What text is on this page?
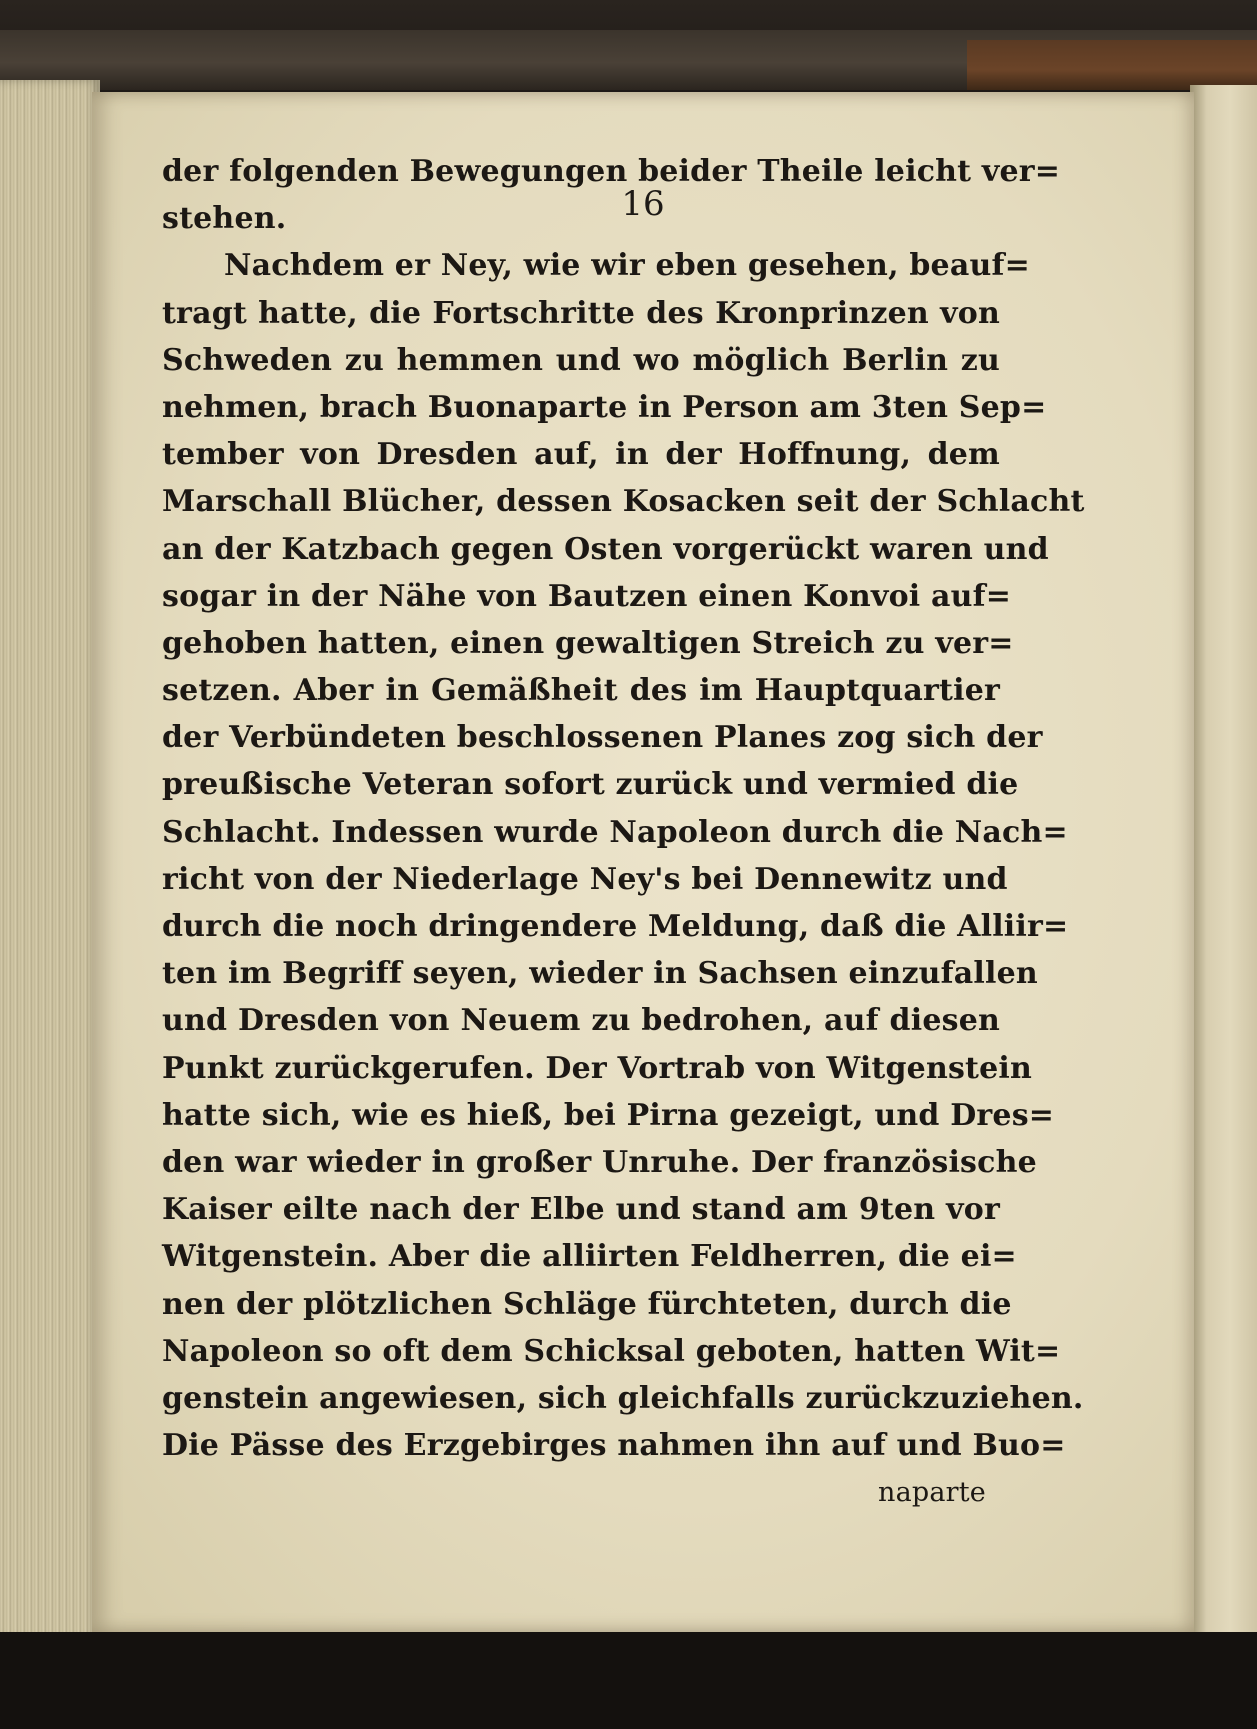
16

der folgenden Bewegungen beider Theile leicht ver=
stehen.
Nachdem er Ney, wie wir eben gesehen, beauf=
tragt hatte, die Fortschritte des Kronprinzen von
Schweden zu hemmen und wo möglich Berlin zu
nehmen, brach Buonaparte in Person am 3ten Sep=
tember von Dresden auf, in der Hoffnung, dem
Marschall Blücher, dessen Kosacken seit der Schlacht
an der Katzbach gegen Osten vorgerückt waren und
sogar in der Nähe von Bautzen einen Konvoi auf=
gehoben hatten, einen gewaltigen Streich zu ver=
setzen. Aber in Gemäßheit des im Hauptquartier
der Verbündeten beschlossenen Planes zog sich der
preußische Veteran sofort zurück und vermied die
Schlacht. Indessen wurde Napoleon durch die Nach=
richt von der Niederlage Ney's bei Dennewitz und
durch die noch dringendere Meldung, daß die Alliir=
ten im Begriff seyen, wieder in Sachsen einzufallen
und Dresden von Neuem zu bedrohen, auf diesen
Punkt zurückgerufen. Der Vortrab von Witgenstein
hatte sich, wie es hieß, bei Pirna gezeigt, und Dres=
den war wieder in großer Unruhe. Der französische
Kaiser eilte nach der Elbe und stand am 9ten vor
Witgenstein. Aber die alliirten Feldherren, die ei=
nen der plötzlichen Schläge fürchteten, durch die
Napoleon so oft dem Schicksal geboten, hatten Wit=
genstein angewiesen, sich gleichfalls zurückzuziehen.
Die Pässe des Erzgebirges nahmen ihn auf und Buo=
naparte
